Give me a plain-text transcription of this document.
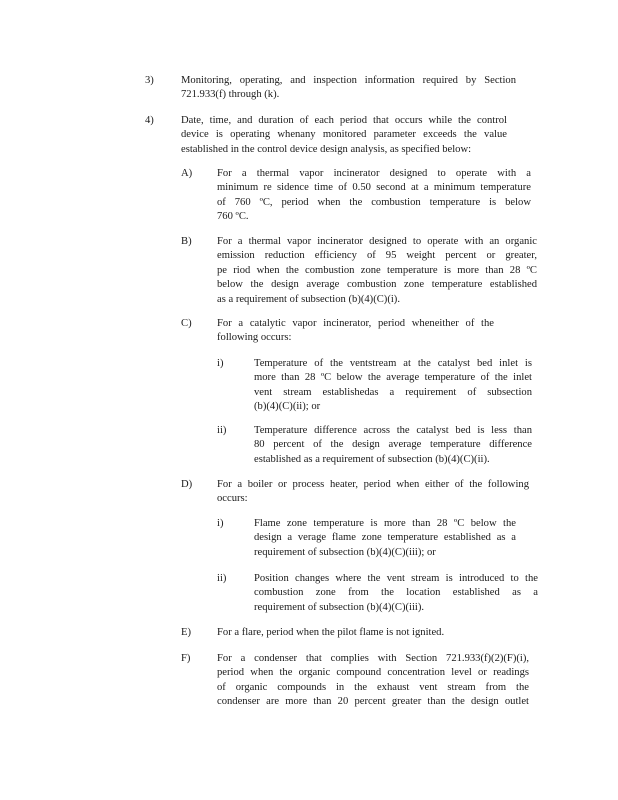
3)	Monitoring, operating, and inspection information required by Section
721.933(f) through (k).
4)	Date, time, and duration of each period that occurs while the control
device is operating whenany monitored parameter exceeds the value
established in the control device design analysis, as specified below:
A) For a thermal vapor incinerator designed to operate with a
minimum re sidence time of 0.50 second at a minimum temperature
of 760 ºC, period when the combustion temperature is below
760 ºC.
B) For a thermal vapor incinerator designed to operate with an organic
emission reduction efficiency of 95 weight percent or greater,
pe riod when the combustion zone temperature is more than 28 ºC
below the design average combustion zone temperature established
as a requirement of subsection (b)(4)(C)(i).
C) For a catalytic vapor incinerator, period wheneither of the
following occurs:
i)	Temperature of the ventstream at the catalyst bed inlet is
more than 28 ºC below the average temperature of the inlet
vent stream establishedas a requirement of subsection
(b)(4)(C)(ii); or
ii)	Temperature difference across the catalyst bed is less than
80 percent of the design average temperature difference
established as a requirement of subsection (b)(4)(C)(ii).
D) For a boiler or process heater, period when either of the following
occurs:
i)	Flame zone temperature is more than 28 ºC below the
design a verage flame zone temperature established as a
requirement of subsection (b)(4)(C)(iii); or
ii)	Position changes where the vent stream is introduced to the
combustion zone from the location established as a
requirement of subsection (b)(4)(C)(iii).
E) For a flare, period when the pilot flame is not ignited.
F)	For a condenser that complies with Section 721.933(f)(2)(F)(i),
period when the organic compound concentration level or readings
of organic compounds in the exhaust vent stream from the
condenser are more than 20 percent greater than the design outlet
